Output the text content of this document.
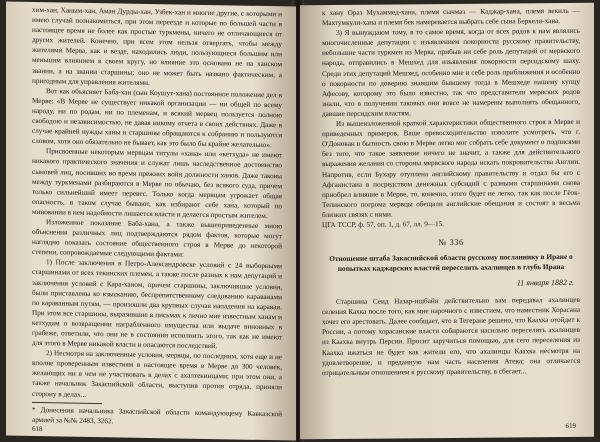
хим-хан, Ханым-хан, Аман Дурды-хан, Узбек-хан и многие другие, с которыми и имею случай познакомиться, при этом переезде и которые по большей части в настоящее время не более как простые туркмены, ничего не отличающиеся от других жителей. Конечно, при всем этом нельзя отвергать, чтобы между жителями Мерва, как и везде, находились люди, пользующиеся большим или меньшим влиянием в своем кругу, но влияние это основано не на ханском звании, а на звании старшины; оно не может быть названо фактическим, а пригодным для управления жителями.

Вот как объясняет Баба-хан (сын Коушут-хана) постоянное положение дел в Мерве: «В Мерве не существует никакой организации — ни общей по всему народу, ни по родам, ни по племенам, и всякий мервец пользуется полною свободою и независимостью, не давая никому отчета в своих действиях. Даже в случае крайней нужды ханы и старшины обращаются к собранию и пользуются словом, хотя оно обязательно не бывает, как это было бы крайне желательно».

Присвоенные некоторым мервцам титулы «хана» или «кетхуда» не имеют никакого практического значения и служат лишь наследственное достоинство сыновей лиц, носивших во время прежних войн должности ханов. Даже таковы между туркменами разбираются в Мерве по обычаю, без всякого суда, причем только сильнейший имеет перевес. Только когда мервцам угрожает общая опасность, в таком случае бывают, как избирают себе хана, который по миновании в нем надобности лишается власти и делается простым жителем.

Изложенное показание Баба-хана, а также вышеприведенные мною объяснения различных лиц подтверждаются рядом фактов, которые могут наглядно показать состояние общественного строя в Мерве до некоторой степени, сопровождаемые следующими фактами:

1) После заключения в Петро-Александровске условий с 24 выборными старшинами от всех текинских племен, а также после разных к нам депутаций и заключения условий с Кара-ханом, причем старшины, заключившие условия, были приставлены ко взысканию, беспрепятственному следованию караванами по караванным путям, — произошли два крупных случая нападения на караваи. При этом все старшины, выразившие в письмах к лично мне известным ханам и кетхудам о возвращении награбленного имущества или выдаче виновных в грабеже, ответили, что они не в состоянии исполнить этого, так как не имеют для этого в Мерве никакой власти и опасаются последствий.

2) Несмотря на заключенные условия, мервцы, по последним, хотя еще и не вполне проверенным известиям в настоящее время в Мерве до 300 человек, желающих ни в чем не участвовать в делах с ахалтекинцами; при этом они, а также начальник Закаспийской области, выступив против отряда, приняли сторону в делах...

* Донесения начальника Закаспийской области командующему Кавказской армией за №№ 2483, 3262.

618

к хану Ораз Мухаммед-хана, племя сычмаз — Каджар-хана, племя векиль — Махтумкули-хана и племя бек намеревается выбрать себе сына Беркели-хана.

3) Я вынуждаюм тому, в то самое время, когда от всех родов к нам являлись многочисленные депутации с изъявлением покорности русскому правительству, небольшие части туркмен из Мерва, прибыв ни себе роль депутаций от мервского народа, отправились в Мешхед для изъявления покорности персидскому шаху. Среди этих депутаций Мешхед, особенно мне и себе роль приближения и особенно о покорности по доверию знавшим бывшему тогда в Мешхеде нашему купцу Афесову, которому это было известно, так что представители мервских родов знали, что в получении таковых они вовсе не намерены выполнять обещанного, давшие персидским властям.

Из вышеизложенной краткой характеристики общественного строя в Мерве и приведенных примеров, Ваше превосходительство изволите усмотреть, что г. О'Донован в бытность свою в Мерве легко мог собрать себе документ о подписями без того, что такое заявление ничего не значит, а также для действительного выражения желания со стороны мервского народа искать покровительства Англии. Напротив, если Бухару отуплена английскому правительству и отдал бы его с Афганистана в посредством денежных субсидий с разными старшинами снова приобрел влияние в Мерве, то, конечно, этого будет не легко, так как после Гёок-Тепинского погрома мервцы обещали английские обещания и состоят в весьма близких связях с ними.

ЦГА ТССР, ф. 57, оп. 1, д. 67, лл. 9—15.

№ 336
Отношение штаба Закаспийской области русскому посланнику в Иране о попытках каджарских властей переселить ахалинцев в глубь Ирана
11 января 1882 г.

Старшина Сеид Назар-ишбайн действительно вам передавал ахалинцев селения Кахка после того, как мне нарочного с известием, что наместник Хорасана хочет его арестовать. Далее сообщает, что в Тегеране решено, что Каахка отойдет к России, а потому хорасанские власти собираются насильно переселить ахалинцев из Каахка внутрь Персии. Просит заручиться помощью, для сего переселения из Каахка ижаться не будет как жители его, что ахалинцы Каахка несмотря на удовлетворение, и преданную нам часть населения Атека; она отличается отрицательным отношением к русскому правительству, в сбегает...

619
